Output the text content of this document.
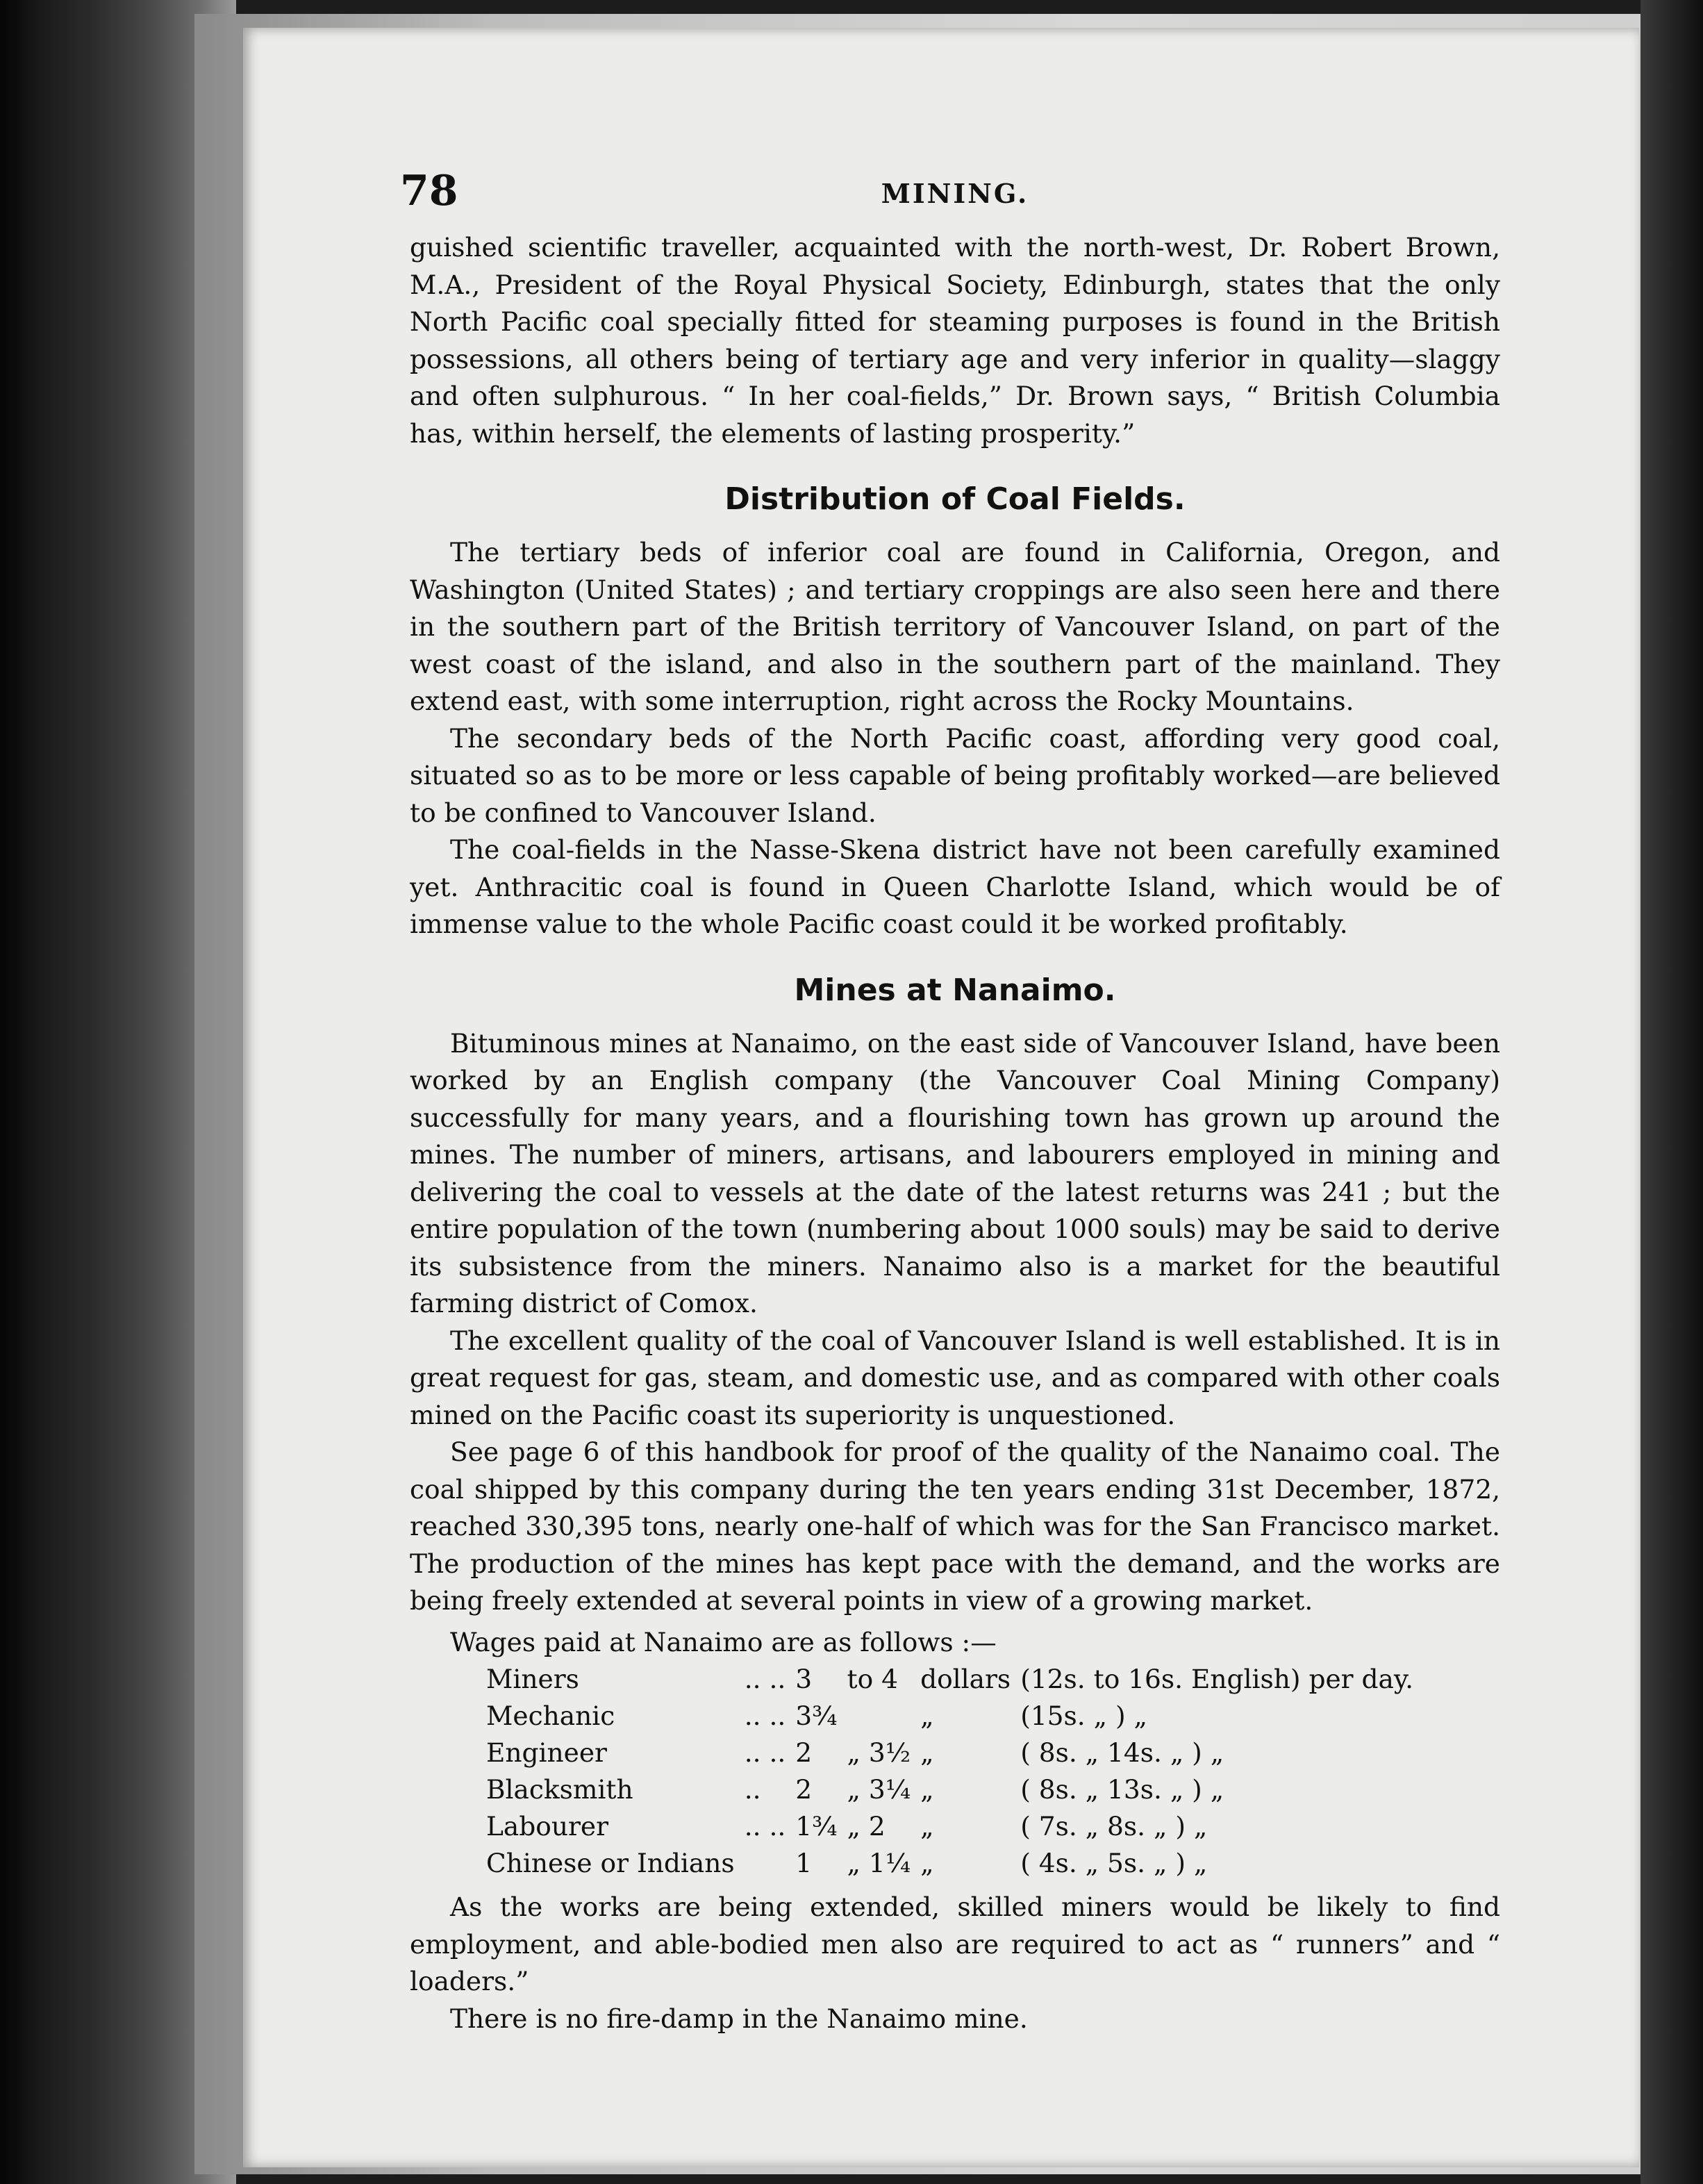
78	MINING.

guished scientific traveller, acquainted with the north-west, Dr. Robert Brown, M.A., President of the Royal Physical Society, Edinburgh, states that the only North Pacific coal specially fitted for steaming purposes is found in the British possessions, all others being of tertiary age and very inferior in quality—slaggy and often sulphurous. “ In her coal-fields,” Dr. Brown says, “ British Columbia has, within herself, the elements of lasting prosperity.”

Distribution of Coal Fields.

The tertiary beds of inferior coal are found in California, Oregon, and Washington (United States) ; and tertiary croppings are also seen here and there in the southern part of the British territory of Vancouver Island, on part of the west coast of the island, and also in the southern part of the mainland. They extend east, with some interruption, right across the Rocky Mountains.

The secondary beds of the North Pacific coast, affording very good coal, situated so as to be more or less capable of being profitably worked—are believed to be confined to Vancouver Island.

The coal-fields in the Nasse-Skena district have not been carefully examined yet. Anthracitic coal is found in Queen Charlotte Island, which would be of immense value to the whole Pacific coast could it be worked profitably.

Mines at Nanaimo.

Bituminous mines at Nanaimo, on the east side of Vancouver Island, have been worked by an English company (the Vancouver Coal Mining Company) successfully for many years, and a flourishing town has grown up around the mines. The number of miners, artisans, and labourers employed in mining and delivering the coal to vessels at the date of the latest returns was 241 ; but the entire population of the town (numbering about 1000 souls) may be said to derive its subsistence from the miners. Nanaimo also is a market for the beautiful farming district of Comox.

The excellent quality of the coal of Vancouver Island is well established. It is in great request for gas, steam, and domestic use, and as compared with other coals mined on the Pacific coast its superiority is unquestioned.

See page 6 of this handbook for proof of the quality of the Nanaimo coal. The coal shipped by this company during the ten years ending 31st December, 1872, reached 330,395 tons, nearly one-half of which was for the San Francisco market. The production of the mines has kept pace with the demand, and the works are being freely extended at several points in view of a growing market.

Wages paid at Nanaimo are as follows :—
Miners	.. ..	3	to 4	dollars	(12s. to 16s. English) per day.
Mechanic	.. ..	3¾		„	(15s. „ ) „
Engineer	.. ..	2	„ 3½	„	( 8s. „ 14s. „ ) „
Blacksmith	..	2	„ 3¼	„	( 8s. „ 13s. „ ) „
Labourer	.. ..	1¾	„ 2	„	( 7s. „ 8s. „ ) „
Chinese or Indians		1	„ 1¼	„	( 4s. „ 5s. „ ) „

As the works are being extended, skilled miners would be likely to find employment, and able-bodied men also are required to act as “ runners” and “ loaders.”

There is no fire-damp in the Nanaimo mine.
